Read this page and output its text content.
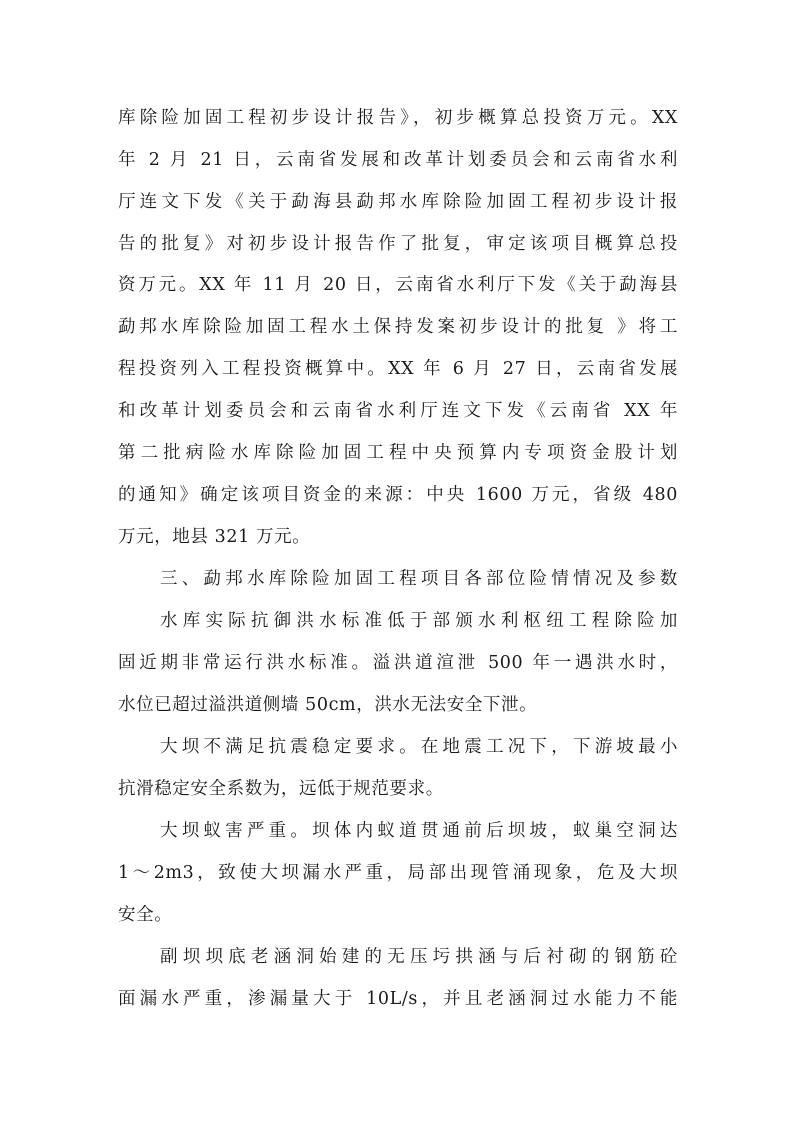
库除险加固工程初步设计报告》，初步概算总投资万元。XX
年 2 月 21 日，云南省发展和改革计划委员会和云南省水利
厅连文下发《关于勐海县勐邦水库除险加固工程初步设计报
告的批复》对初步设计报告作了批复，审定该项目概算总投
资万元。XX 年 11 月 20 日，云南省水利厅下发《关于勐海县
勐邦水库除险加固工程水土保持发案初步设计的批复 》将工
程投资列入工程投资概算中。XX 年 6 月 27 日，云南省发展
和改革计划委员会和云南省水利厅连文下发《云南省 XX 年
第二批病险水库除险加固工程中央预算内专项资金股计划
的通知》确定该项目资金的来源：中央 1600 万元，省级 480
万元，地县 321 万元。
三、勐邦水库除险加固工程项目各部位险情情况及参数
水库实际抗御洪水标准低于部颁水利枢纽工程除险加
固近期非常运行洪水标准。溢洪道渲泄 500 年一遇洪水时，
水位已超过溢洪道侧墙 50cm，洪水无法安全下泄。
大坝不满足抗震稳定要求。在地震工况下，下游坡最小
抗滑稳定安全系数为，远低于规范要求。
大坝蚁害严重。坝体内蚁道贯通前后坝坡，蚁巢空洞达
1～2m3，致使大坝漏水严重，局部出现管涌现象，危及大坝
安全。
副坝坝底老涵洞始建的无压圬拱涵与后衬砌的钢筋砼
面漏水严重，渗漏量大于 10L/s，并且老涵洞过水能力不能
